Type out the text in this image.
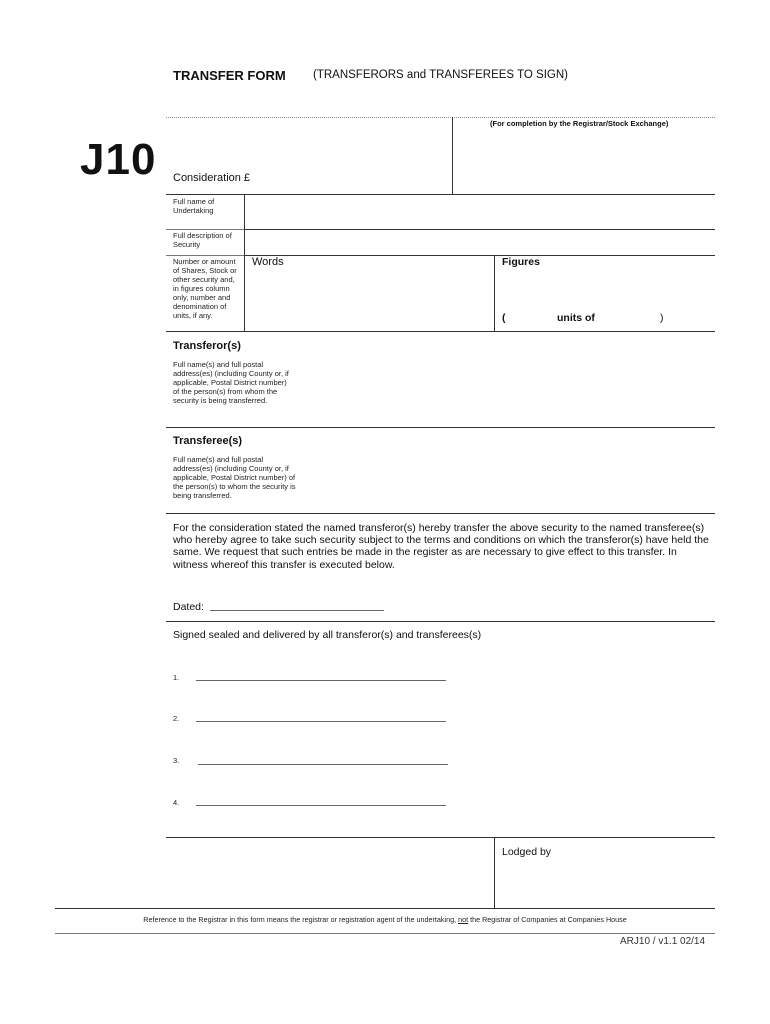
TRANSFER FORM (TRANSFERORS and TRANSFEREES TO SIGN)
J10
(For completion by the Registrar/Stock Exchange)
Consideration £
Full name of Undertaking
Full description of Security
Number or amount of Shares, Stock or other security and, in figures column only, number and denomination of units, if any.
Words	Figures
(	units of	)
Transferor(s)
Full name(s) and full postal address(es) (including County or, if applicable, Postal District number) of the person(s) from whom the security is being transferred.
Transferee(s)
Full name(s) and full postal address(es) (including County or, if applicable, Postal District number) of the person(s) to whom the security is being transferred.
For the consideration stated the named transferor(s) hereby transfer the above security to the named transferee(s) who hereby agree to take such security subject to the terms and conditions on which the transferor(s) have held the same. We request that such entries be made in the register as are necessary to give effect to this transfer. In witness whereof this transfer is executed below.
Dated:
Signed sealed and delivered by all transferor(s) and transferees(s)
1.
2.
3.
4.
Lodged by
Reference to the Registrar in this form means the registrar or registration agent of the undertaking, not the Registrar of Companies at Companies House
ARJ10 / v1.1 02/14
